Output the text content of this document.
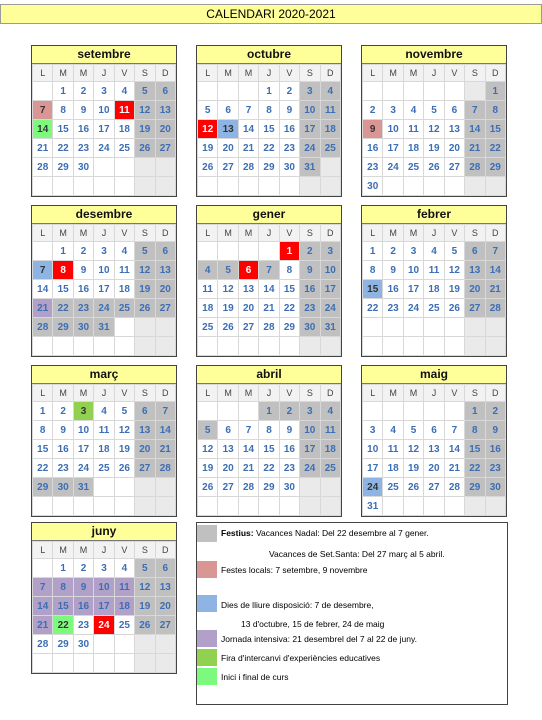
CALENDARI 2020-2021
setembre
L	M	M	J	V	S	D
	1	2	3	4	5	6
7	8	9	10	11	12	13
14	15	16	17	18	19	20
21	22	23	24	25	26	27
28	29	30				

octubre
L	M	M	J	V	S	D
			1	2	3	4
5	6	7	8	9	10	11
12	13	14	15	16	17	18
19	20	21	22	23	24	25
26	27	28	29	30	31	

novembre
L	M	M	J	V	S	D
						1
2	3	4	5	6	7	8
9	10	11	12	13	14	15
16	17	18	19	20	21	22
23	24	25	26	27	28	29
30						
desembre
L	M	M	J	V	S	D
	1	2	3	4	5	6
7	8	9	10	11	12	13
14	15	16	17	18	19	20
21	22	23	24	25	26	27
28	29	30	31			

gener
L	M	M	J	V	S	D
				1	2	3
4	5	6	7	8	9	10
11	12	13	14	15	16	17
18	19	20	21	22	23	24
25	26	27	28	29	30	31

febrer
L	M	M	J	V	S	D
1	2	3	4	5	6	7
8	9	10	11	12	13	14
15	16	17	18	19	20	21
22	23	24	25	26	27	28

març
L	M	M	J	V	S	D
1	2	3	4	5	6	7
8	9	10	11	12	13	14
15	16	17	18	19	20	21
22	23	24	25	26	27	28
29	30	31				

abril
L	M	M	J	V	S	D
			1	2	3	4
5	6	7	8	9	10	11
12	13	14	15	16	17	18
19	20	21	22	23	24	25
26	27	28	29	30		

maig
L	M	M	J	V	S	D
					1	2
3	4	5	6	7	8	9
10	11	12	13	14	15	16
17	18	19	20	21	22	23
24	25	26	27	28	29	30
31						
juny
L	M	M	J	V	S	D
	1	2	3	4	5	6
7	8	9	10	11	12	13
14	15	16	17	18	19	20
21	22	23	24	25	26	27
28	29	30				

Festius: Vacances Nadal: Del 22 desembre al 7 gener.
Vacances de Set.Santa: Del 27 març al 5 abril.
Festes locals: 7 setembre, 9 novembre
Dies de lliure disposició: 7 de desembre,
13 d'octubre, 15 de febrer, 24 de maig
Jornada intensiva: 21 desembrel del 7 al 22 de juny.
Fira d'intercanvi d'experiències educatives
Inici i final de curs
